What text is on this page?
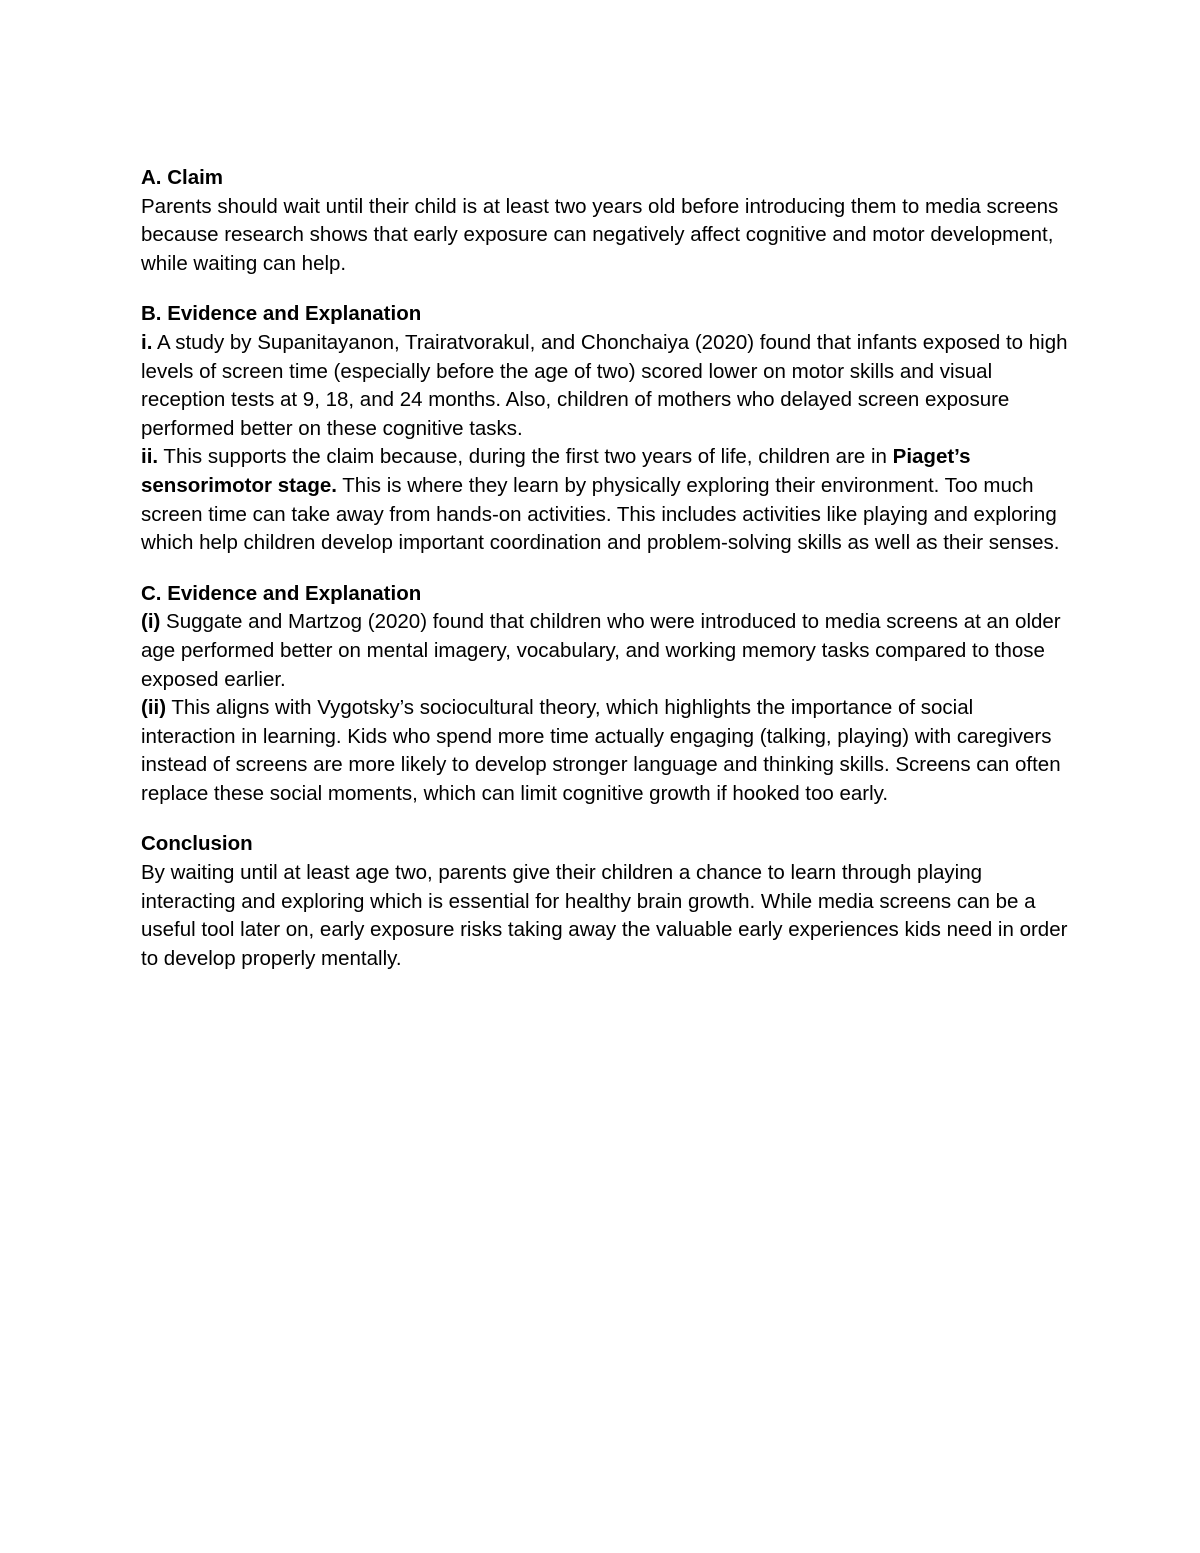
A. Claim

Parents should wait until their child is at least two years old before introducing them to media screens because research shows that early exposure can negatively affect cognitive and motor development, while waiting can help.

B. Evidence and Explanation

i. A study by Supanitayanon, Trairatvorakul, and Chonchaiya (2020) found that infants exposed to high levels of screen time (especially before the age of two) scored lower on motor skills and visual reception tests at 9, 18, and 24 months. Also, children of mothers who delayed screen exposure performed better on these cognitive tasks.

ii. This supports the claim because, during the first two years of life, children are in Piaget’s sensorimotor stage. This is where they learn by physically exploring their environment. Too much screen time can take away from hands-on activities. This includes activities like playing and exploring which help children develop important coordination and problem-solving skills as well as their senses.

C. Evidence and Explanation

(i) Suggate and Martzog (2020) found that children who were introduced to media screens at an older age performed better on mental imagery, vocabulary, and working memory tasks compared to those exposed earlier.

(ii) This aligns with Vygotsky’s sociocultural theory, which highlights the importance of social interaction in learning. Kids who spend more time actually engaging (talking, playing) with caregivers instead of screens are more likely to develop stronger language and thinking skills. Screens can often replace these social moments, which can limit cognitive growth if hooked too early.

Conclusion

By waiting until at least age two, parents give their children a chance to learn through playing interacting and exploring which is essential for healthy brain growth. While media screens can be a useful tool later on, early exposure risks taking away the valuable early experiences kids need in order to develop properly mentally.
